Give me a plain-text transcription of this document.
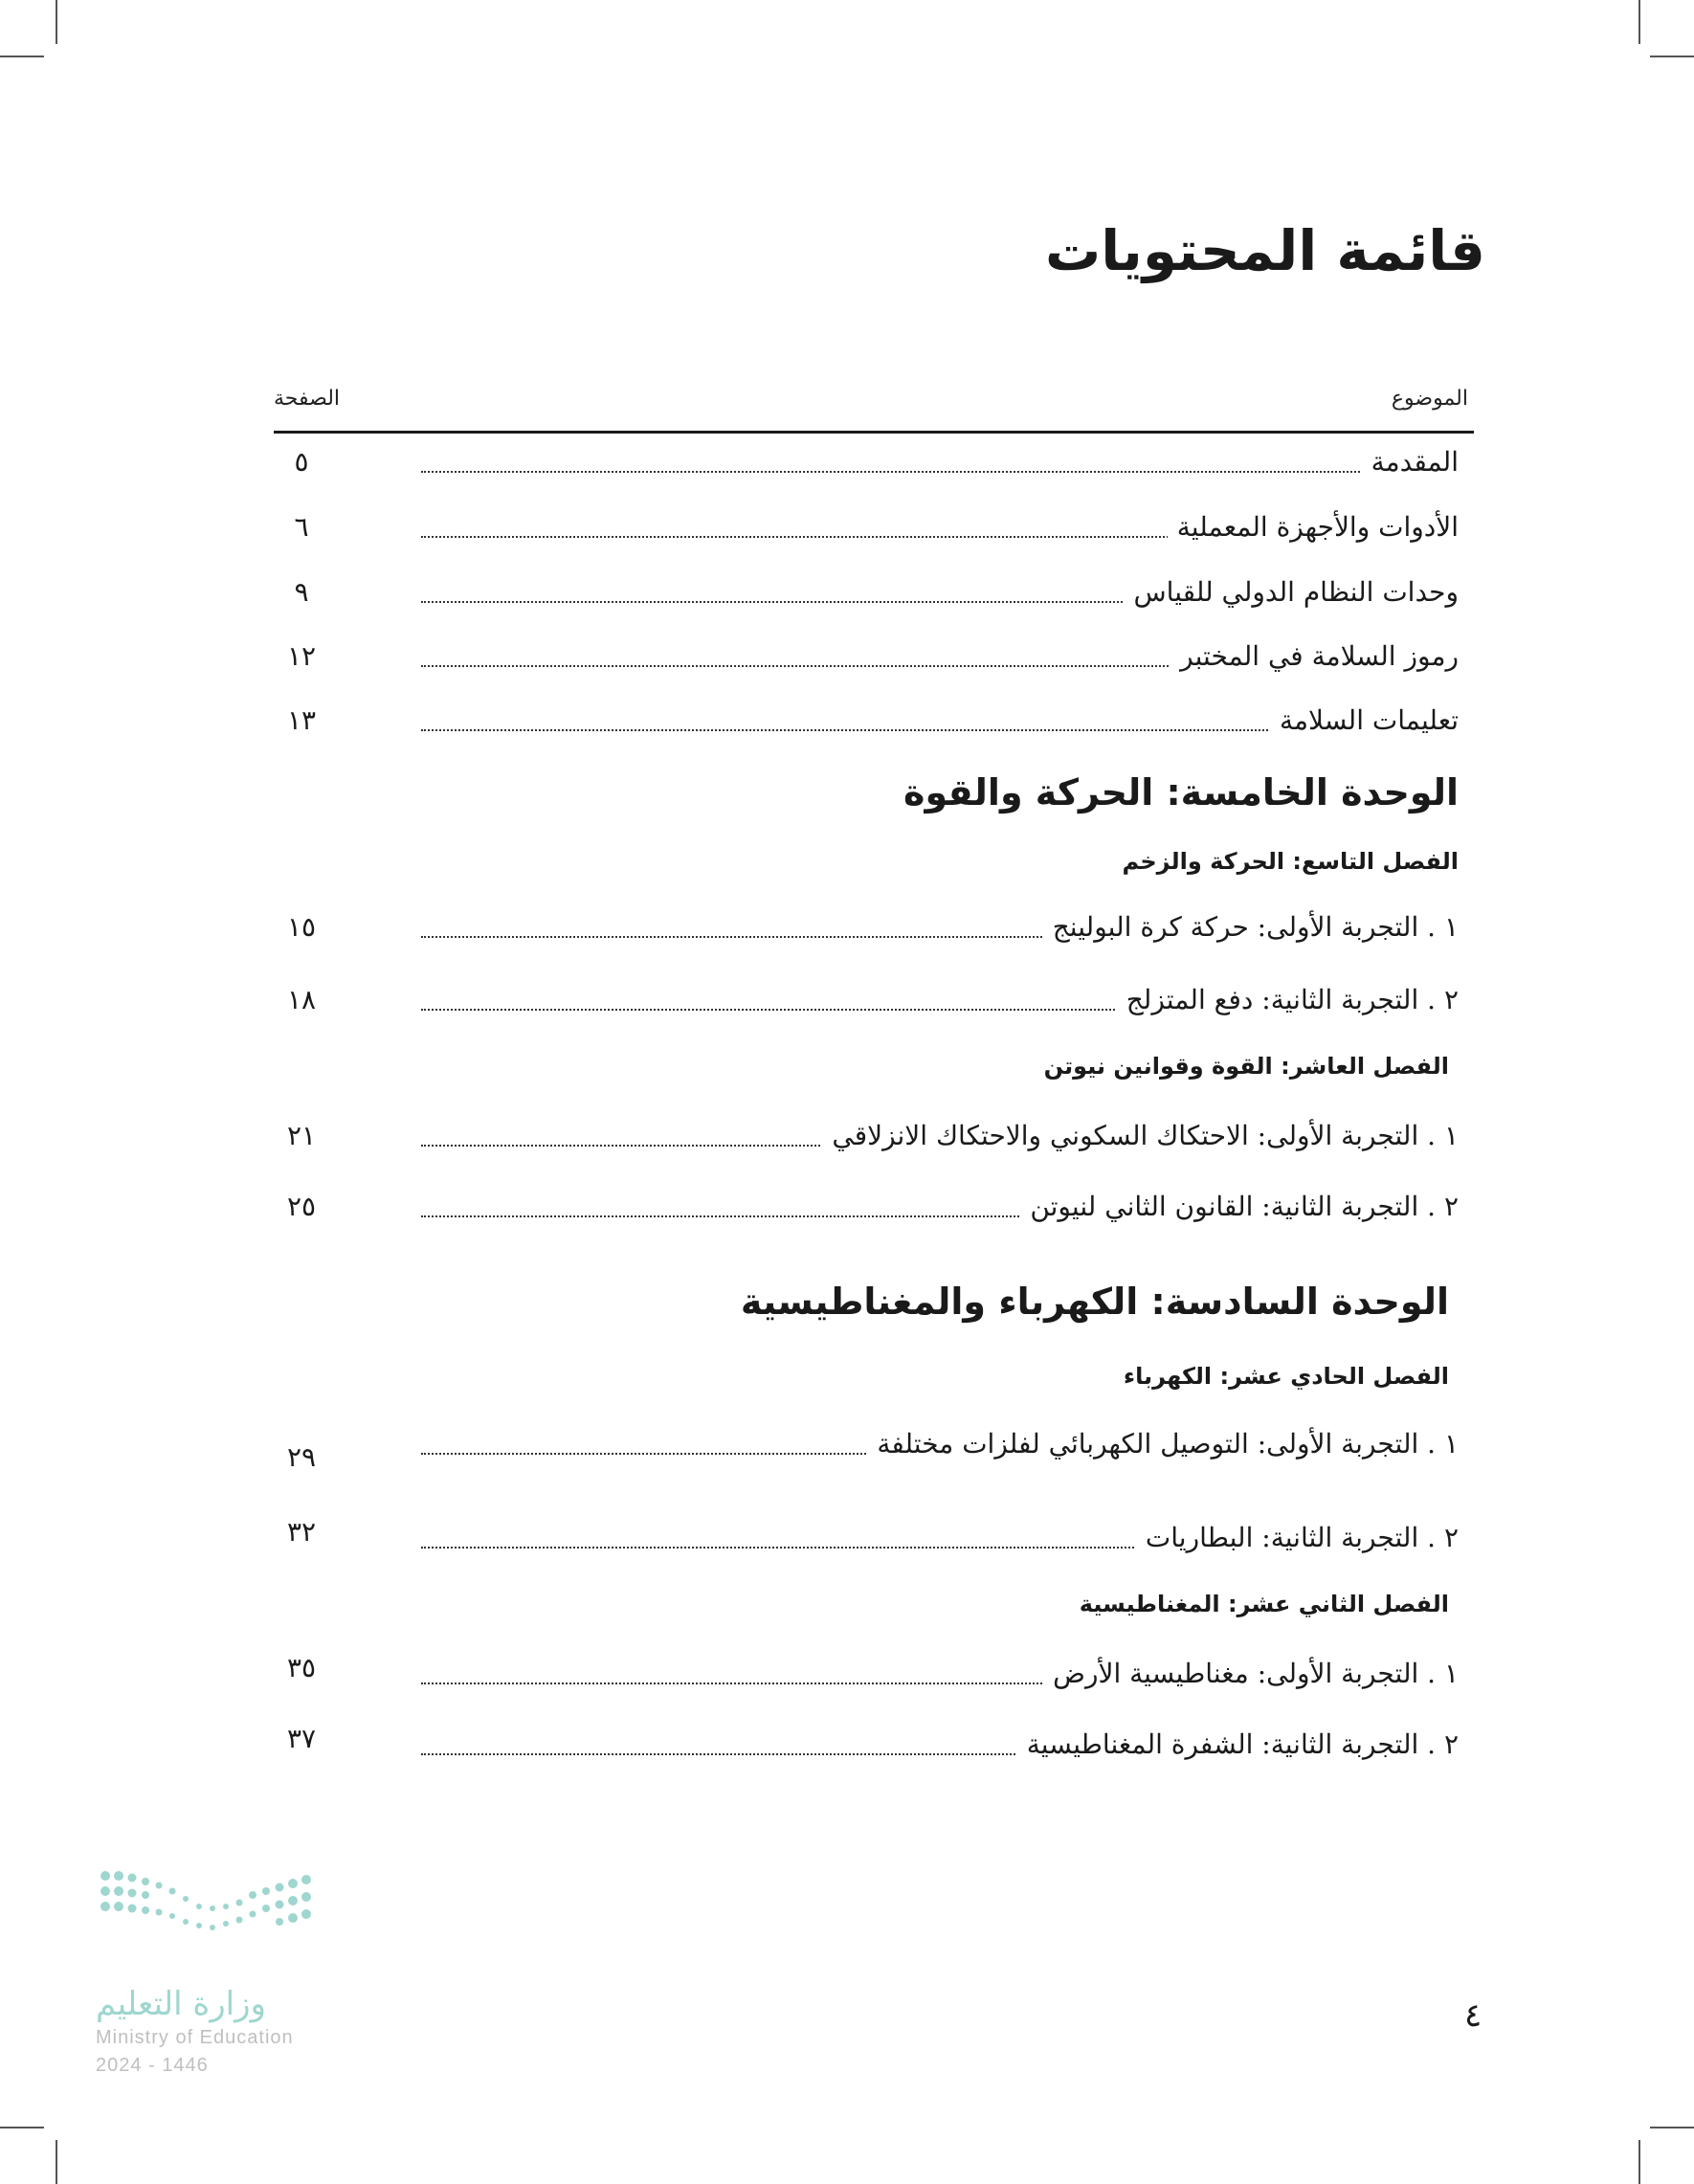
قائمة المحتويات
الموضوع
الصفحة
المقدمة
٥
الأدوات والأجهزة المعملية
٦
وحدات النظام الدولي للقياس
٩
رموز السلامة في المختبر
١٢
تعليمات السلامة
١٣
الوحدة الخامسة: الحركة والقوة
الفصل التاسع: الحركة والزخم
١ . التجربة الأولى: حركة كرة البولينج
١٥
٢ . التجربة الثانية: دفع المتزلج
١٨
الفصل العاشر: القوة وقوانين نيوتن
١ . التجربة الأولى: الاحتكاك السكوني والاحتكاك الانزلاقي
٢١
٢ . التجربة الثانية: القانون الثاني لنيوتن
٢٥
الوحدة السادسة: الكهرباء والمغناطيسية
الفصل الحادي عشر: الكهرباء
١ . التجربة الأولى: التوصيل الكهربائي لفلزات مختلفة
٢٩
٢ . التجربة الثانية: البطاريات
٣٢
الفصل الثاني عشر: المغناطيسية
١ . التجربة الأولى: مغناطيسية الأرض
٣٥
٢ . التجربة الثانية: الشفرة المغناطيسية
٣٧
وزارة التعليم
Ministry of Education
2024 - 1446
٤
